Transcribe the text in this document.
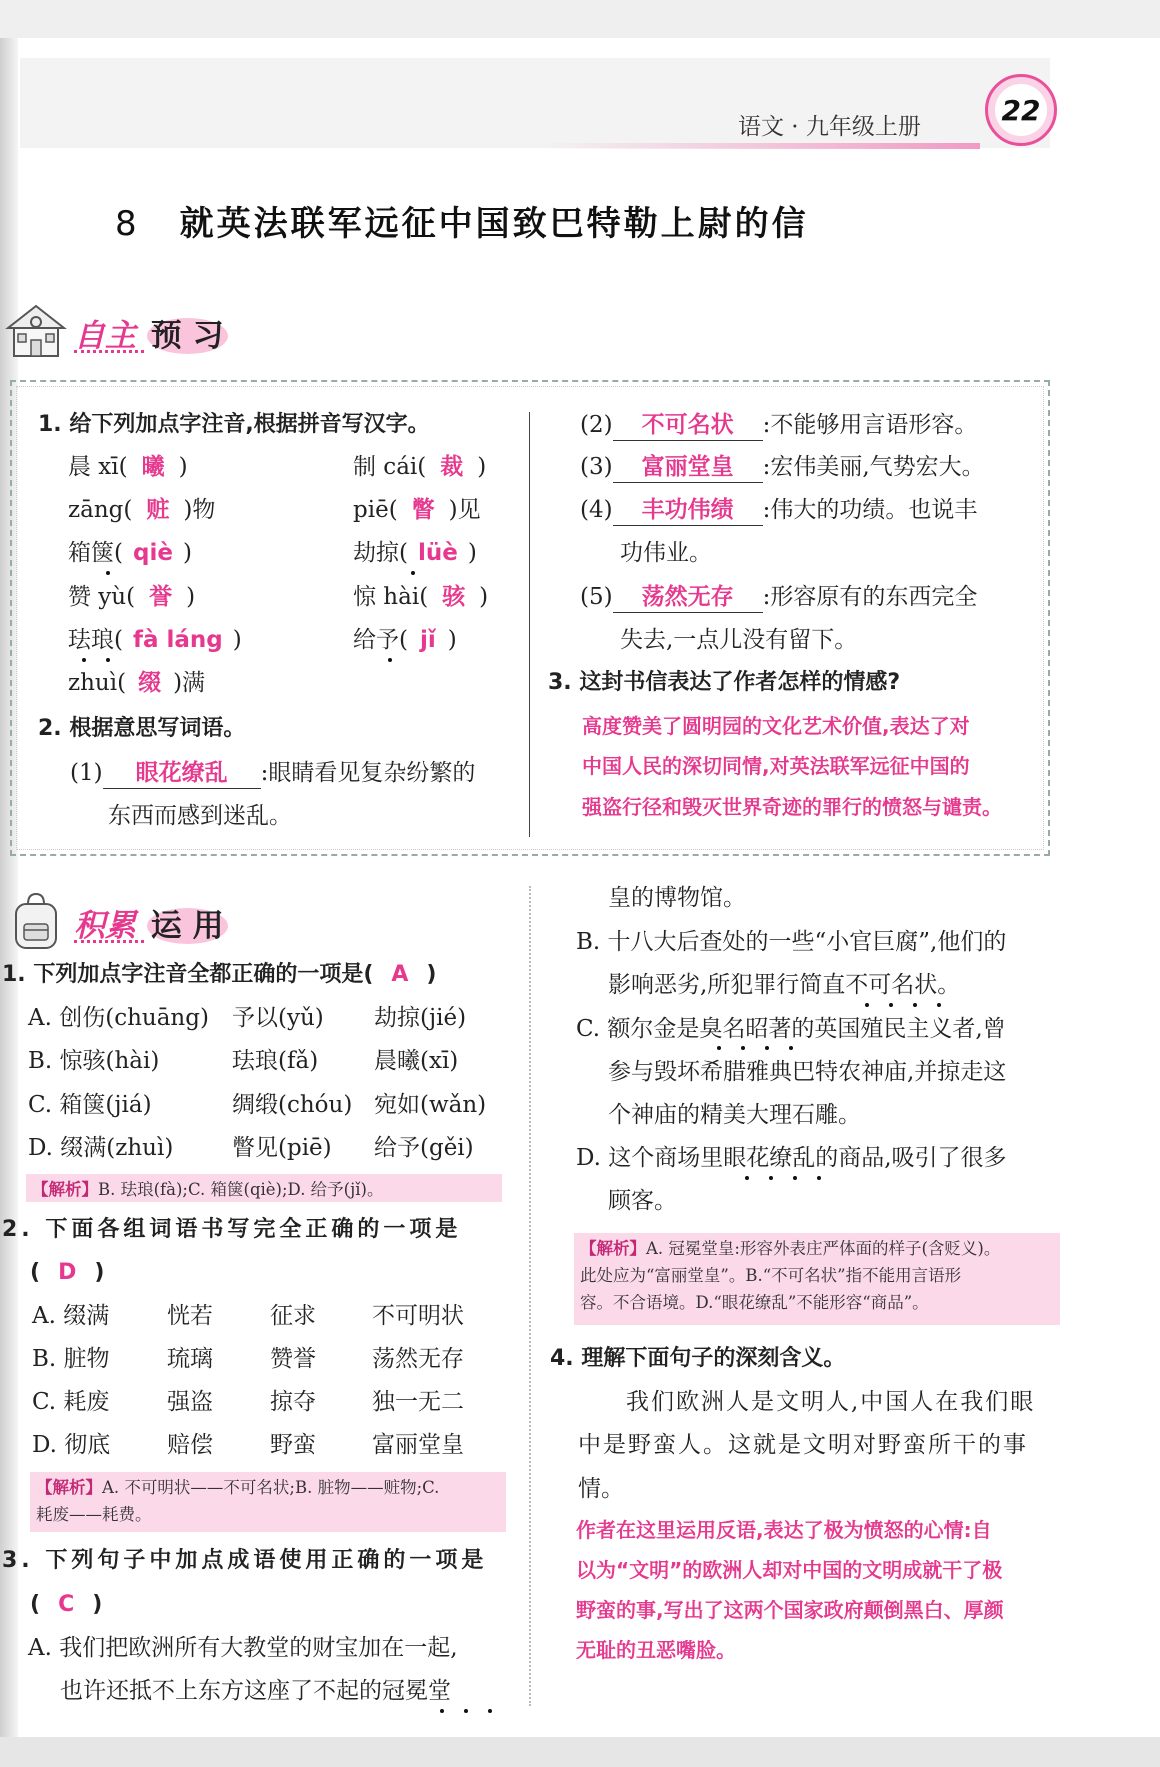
语文 · 九年级上册
22
8 就英法联军远征中国致巴特勒上尉的信
自主 预 习
1. 给下列加点字注音,根据拼音写汉字。
晨 xī( 曦 )	制 cái( 裁 )
zāng( 赃 )物	piē( 瞥 )见
箱箧( qiè )	劫掠( lüè )
赞 yù( 誉 )	惊 hài( 骇 )
珐琅( fà láng )	给予( jǐ )
zhuì( 缀 )满
2. 根据意思写词语。
(1) 眼花缭乱 :眼睛看见复杂纷繁的
东西而感到迷乱。
(2) 不可名状 :不能够用言语形容。
(3) 富丽堂皇 :宏伟美丽,气势宏大。
(4) 丰功伟绩 :伟大的功绩。也说丰
功伟业。
(5) 荡然无存 :形容原有的东西完全
失去,一点儿没有留下。
3. 这封书信表达了作者怎样的情感?
高度赞美了圆明园的文化艺术价值,表达了对
中国人民的深切同情,对英法联军远征中国的
强盗行径和毁灭世界奇迹的罪行的愤怒与谴责。
积累 运 用
1. 下列加点字注音全都正确的一项是( A )
A. 创伤(chuāng) 予以(yǔ) 劫掠(jié)
B. 惊骇(hài)	珐琅(fǎ) 晨曦(xī)
C. 箱箧(jiá)	绸缎(chóu) 宛如(wǎn)
D. 缀满(zhuì)	瞥见(piē) 给予(gěi)
【解析】B. 珐琅(fà);C. 箱箧(qiè);D. 给予(jǐ)。
2. 下面各组词语书写完全正确的一项是
( D )
A. 缀满	恍若 征求 不可明状
B. 脏物 琉璃 赞誉 荡然无存
C. 耗废	强盗 掠夺 独一无二
D. 彻底 赔偿 野蛮 富丽堂皇
【解析】A. 不可明状——不可名状;B. 脏物——赃物;C.
耗废——耗费。
3. 下列句子中加点成语使用正确的一项是
( C )
A. 我们把欧洲所有大教堂的财宝加在一起,
也许还抵不上东方这座了不起的冠冕堂
皇的博物馆。
B. 十八大后查处的一些“小官巨腐”,他们的
影响恶劣,所犯罪行简直不可名状。
C. 额尔金是臭名昭著的英国殖民主义者,曾
参与毁坏希腊雅典巴特农神庙,并掠走这
个神庙的精美大理石雕。
D. 这个商场里眼花缭乱的商品,吸引了很多
顾客。
【解析】A. 冠冕堂皇:形容外表庄严体面的样子(含贬义)。
此处应为“富丽堂皇”。B.“不可名状”指不能用言语形
容。不合语境。D.“眼花缭乱”不能形容“商品”。
4. 理解下面句子的深刻含义。
我们欧洲人是文明人,中国人在我们眼
中是野蛮人。这就是文明对野蛮所干的事
情。
作者在这里运用反语,表达了极为愤怒的心情:自
以为“文明”的欧洲人却对中国的文明成就干了极
野蛮的事,写出了这两个国家政府颠倒黑白、厚颜
无耻的丑恶嘴脸。
